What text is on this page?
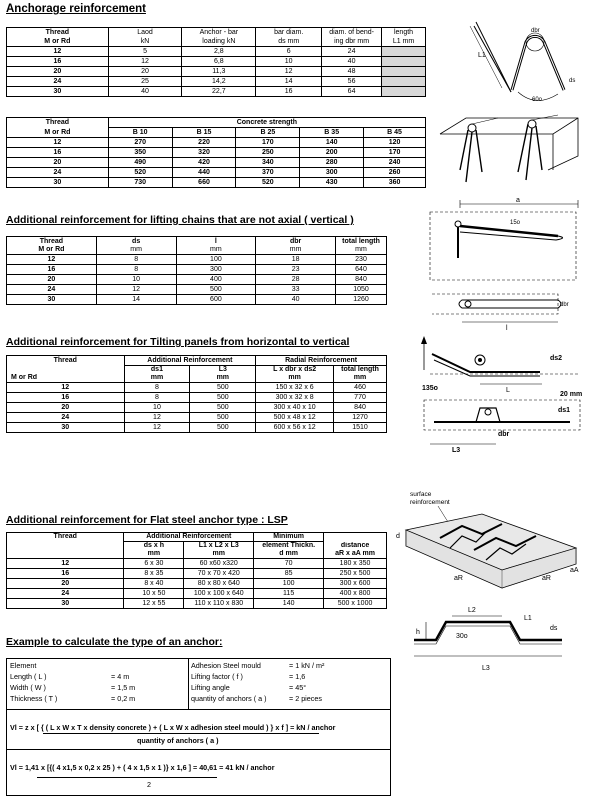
Anchorage reinforcement
Thread	Laod	Anchor - bar	bar diam.	diam. of bend-	length
M or Rd	kN	loading kN	ds mm	ing dbr mm	L1 mm
12	5	2,8	6	24	
16	12	6,8	10	40	
20	20	11,3	12	48	
24	25	14,2	14	56	
30	40	22,7	16	64	
Thread	Concrete strength				
M or Rd	B 10	B 15	B 25	B 35	B 45
12	270	220	170	140	120
16	350	320	250	200	170
20	490	420	340	280	240
24	520	440	370	300	260
30	730	660	520	430	360
L1
dbr
ds
60o
Additional reinforcement for lifting chains that are not axial ( vertical )
Thread	ds	l	dbr	total length
M or Rd	mm	mm	mm	mm
12	8	100	18	230
16	8	300	23	640
20	10	400	28	840
24	12	500	33	1050
30	14	600	40	1260
a
15o
dbr
l
Additional reinforcement for Tilting panels from horizontal to vertical
Thread	Additional Reinforcement		Radial Reinforcement	
	ds1	L3	L x dbr x ds2	total length
M or Rd	mm	mm	mm	mm
12	8	500	150 x 32 x 6	460
16	8	500	300 x 32 x 8	770
20	10	500	300 x 40 x 10	840
24	12	500	500 x 48 x 12	1270
30	12	500	600 x 56 x 12	1510
L
135o
ds2
20 mm
ds1
dbr
L3
Additional reinforcement for Flat steel anchor type : LSP
Thread	Additional Reinforcement		Minimum	
	ds x h	L1 x L2 x L3	element Thickn.	distance
	mm	mm	d mm	aR x aA mm
12	6 x 30	60 x60 x320	70	180 x 350
16	8 x 35	70 x 70 x 420	85	250 x 500
20	8 x 40	80 x 80 x 640	100	300 x 600
24	10 x 50	100 x 100 x 640	115	400 x 800
30	12 x 55	110 x 110 x 830	140	500 x 1000
surface
reinforcement
d
aR	aR
aA
L2
L1
h
30o
ds
L3
Example to calculate the type of an anchor:
Element
Length ( L )	= 4 m
Width ( W )	= 1,5 m
Thickness ( T )	= 0,2 m
Adhesion Steel mould	= 1 kN / m²
Lifting factor ( f )	= 1,6
Lifting angle	= 45°
quantity of anchors ( a )	= 2 pieces
Vl = z x [ { ( L x W x T x density concrete ) + ( L x W x adhesion steel mould ) } x f ] = kN / anchor
quantity of anchors ( a )
Vl = 1,41 x [{( 4 x1,5 x 0,2 x 25 ) + ( 4 x 1,5 x 1 )} x 1,6 ] = 40,61 = 41 kN / anchor
2
